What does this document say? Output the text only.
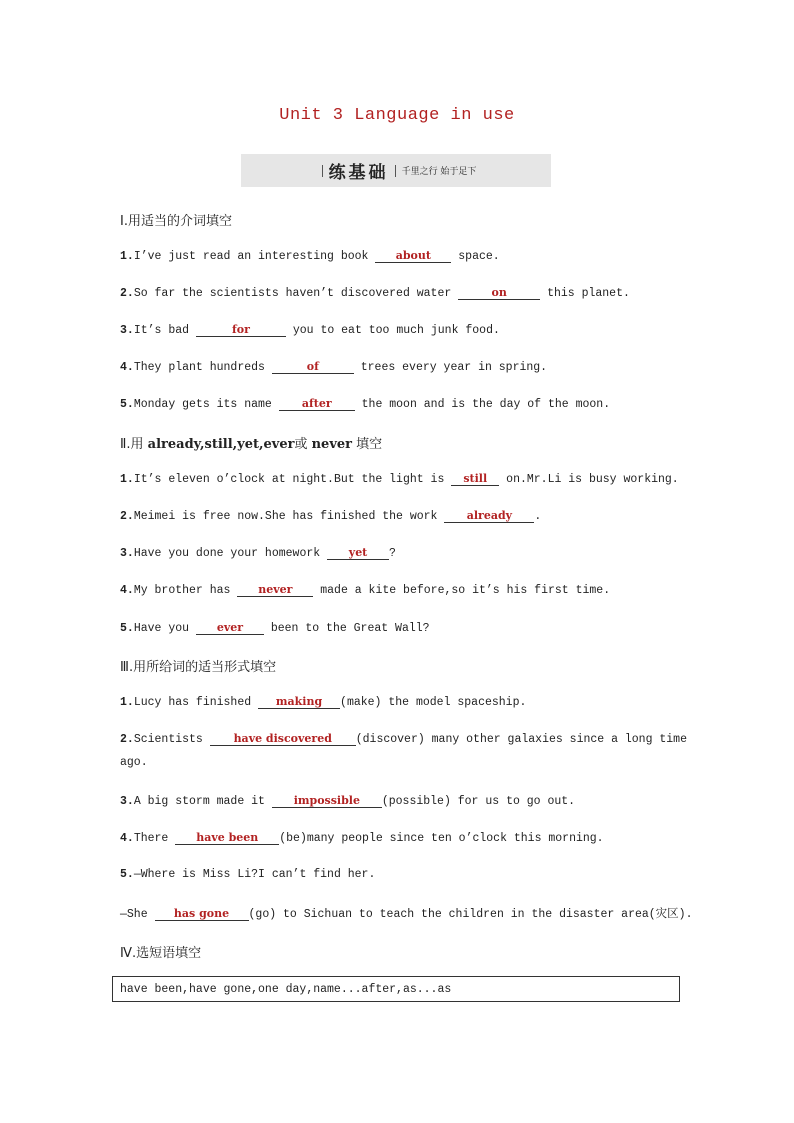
Unit 3 Language in use
练基础 千里之行 始于足下
Ⅰ.用适当的介词填空
1.I’ve just read an interesting book about space.
2.So far the scientists haven’t discovered water	on	this planet.
3.It’s bad	for	you to eat too much junk food.
4.They plant hundreds	of	trees every year in spring.
5.Monday gets its name after the moon and is the day of the moon.
Ⅱ.用 already,still,yet,ever或 never 填空
1.It’s eleven o’clock at night.But the light is still on.Mr.Li is busy working.
2.Meimei is free now.She has finished the work already .
3.Have you done your homework yet ?
4.My brother has never made a kite before,so it’s his first time.
5.Have you ever been to the Great Wall?
Ⅲ.用所给词的适当形式填空
1.Lucy has finished making (make) the model spaceship.
2.Scientists have discovered (discover) many other galaxies since a long time
ago.
3.A big storm made it impossible (possible) for us to go out.
4.There have been (be)many people since ten o’clock this morning.
5.—Where is Miss Li?I can’t find her.
—She has gone (go) to Sichuan to teach the children in the disaster area(灾区).
Ⅳ.选短语填空
have been,have gone,one day,name...after,as...as
